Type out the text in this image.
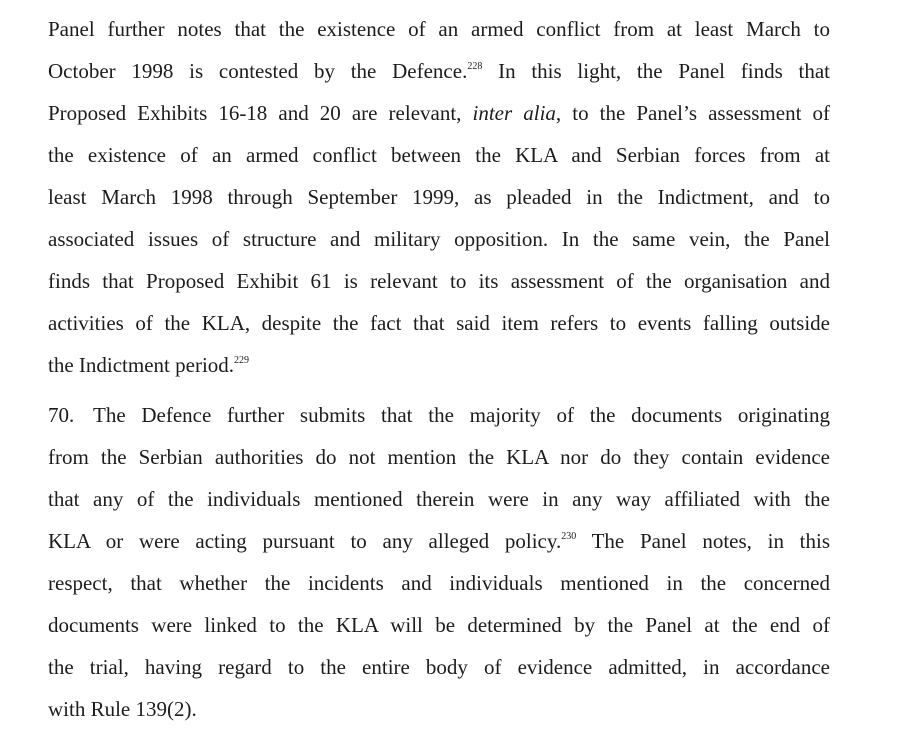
Panel further notes that the existence of an armed conflict from at least March to
October 1998 is contested by the Defence.$^{228}$ In this light, the Panel finds that
Proposed Exhibits 16-18 and 20 are relevant, inter alia, to the Panel’s assessment of
the existence of an armed conflict between the KLA and Serbian forces from at
least March 1998 through September 1999, as pleaded in the Indictment, and to
associated issues of structure and military opposition. In the same vein, the Panel
finds that Proposed Exhibit 61 is relevant to its assessment of the organisation and
activities of the KLA, despite the fact that said item refers to events falling outside
the Indictment period.$^{229}$

70. The Defence further submits that the majority of the documents originating
from the Serbian authorities do not mention the KLA nor do they contain evidence
that any of the individuals mentioned therein were in any way affiliated with the
KLA or were acting pursuant to any alleged policy.$^{230}$ The Panel notes, in this
respect, that whether the incidents and individuals mentioned in the concerned
documents were linked to the KLA will be determined by the Panel at the end of
the trial, having regard to the entire body of evidence admitted, in accordance
with Rule 139(2).
